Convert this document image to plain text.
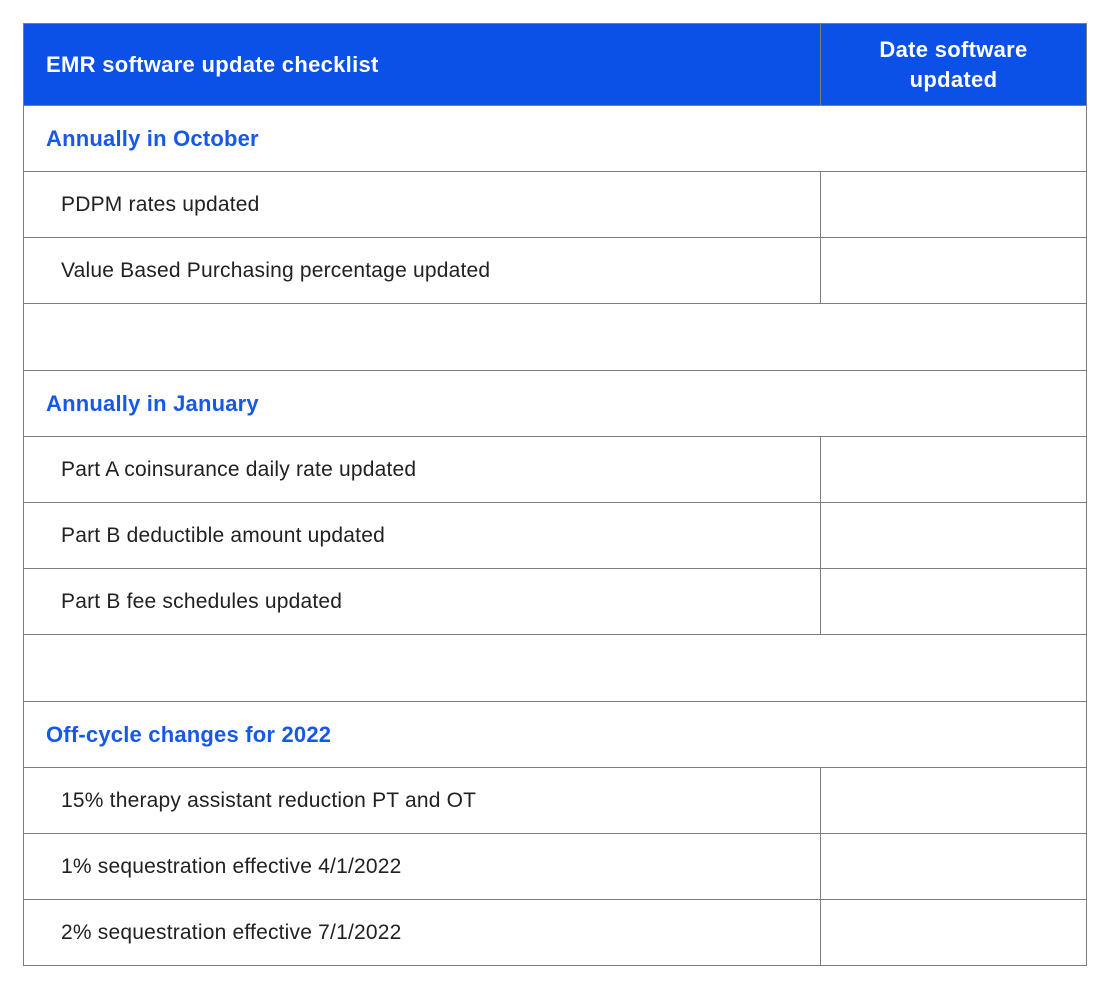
EMR software update checklist	Date software updated
Annually in October	
PDPM rates updated	
Value Based Purchasing percentage updated	

Annually in January	
Part A coinsurance daily rate updated	
Part B deductible amount updated	
Part B fee schedules updated	

Off-cycle changes for 2022	
15% therapy assistant reduction PT and OT	
1% sequestration effective 4/1/2022	
2% sequestration effective 7/1/2022	
